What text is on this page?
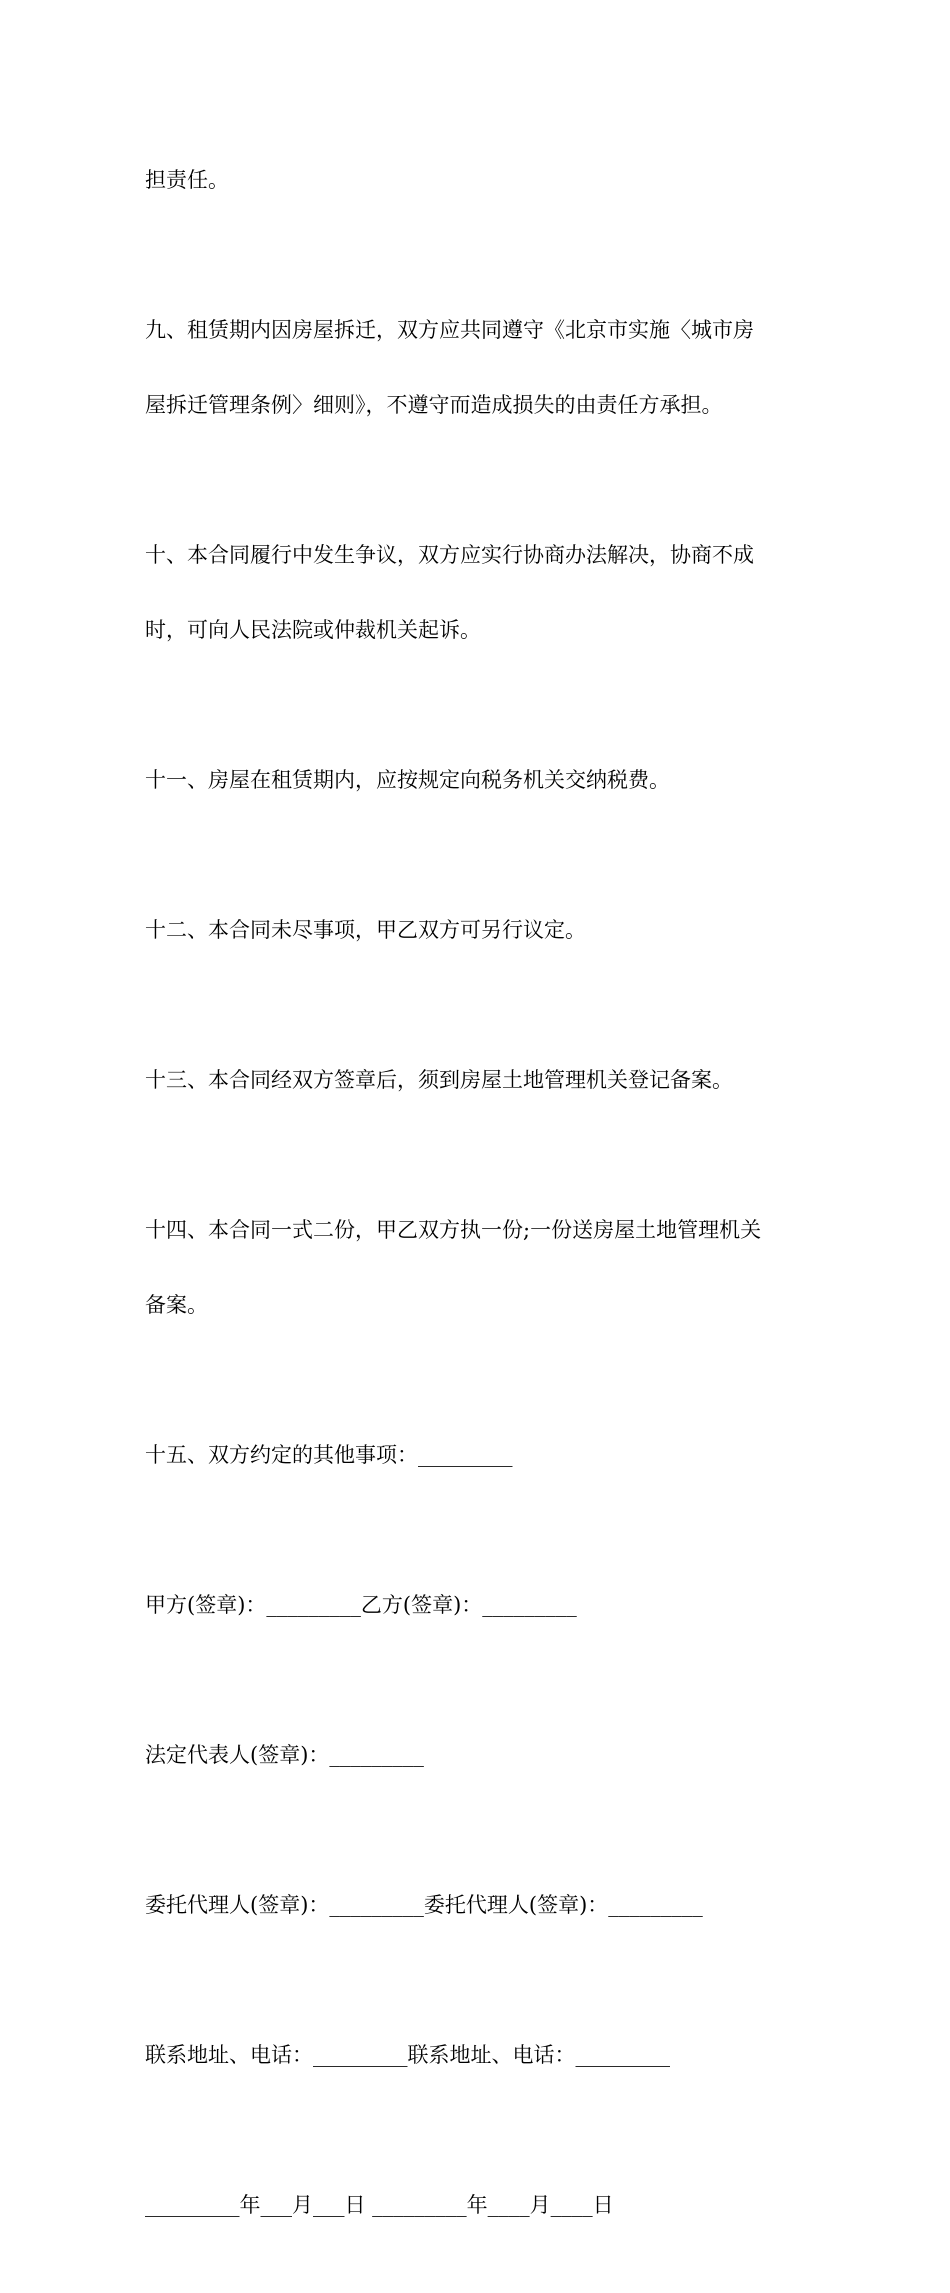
担责任。

九、租赁期内因房屋拆迁，双方应共同遵守《北京市实施〈城市房

屋拆迁管理条例〉细则》，不遵守而造成损失的由责任方承担。

十、本合同履行中发生争议，双方应实行协商办法解决，协商不成

时，可向人民法院或仲裁机关起诉。

十一、房屋在租赁期内，应按规定向税务机关交纳税费。

十二、本合同未尽事项，甲乙双方可另行议定。

十三、本合同经双方签章后，须到房屋土地管理机关登记备案。

十四、本合同一式二份，甲乙双方执一份;一份送房屋土地管理机关

备案。

十五、双方约定的其他事项：_________

甲方(签章)：_________乙方(签章)：_________

法定代表人(签章)：_________

委托代理人(签章)：_________委托代理人(签章)：_________

联系地址、电话：_________联系地址、电话：_________

_________年___月___日 _________年____月____日
